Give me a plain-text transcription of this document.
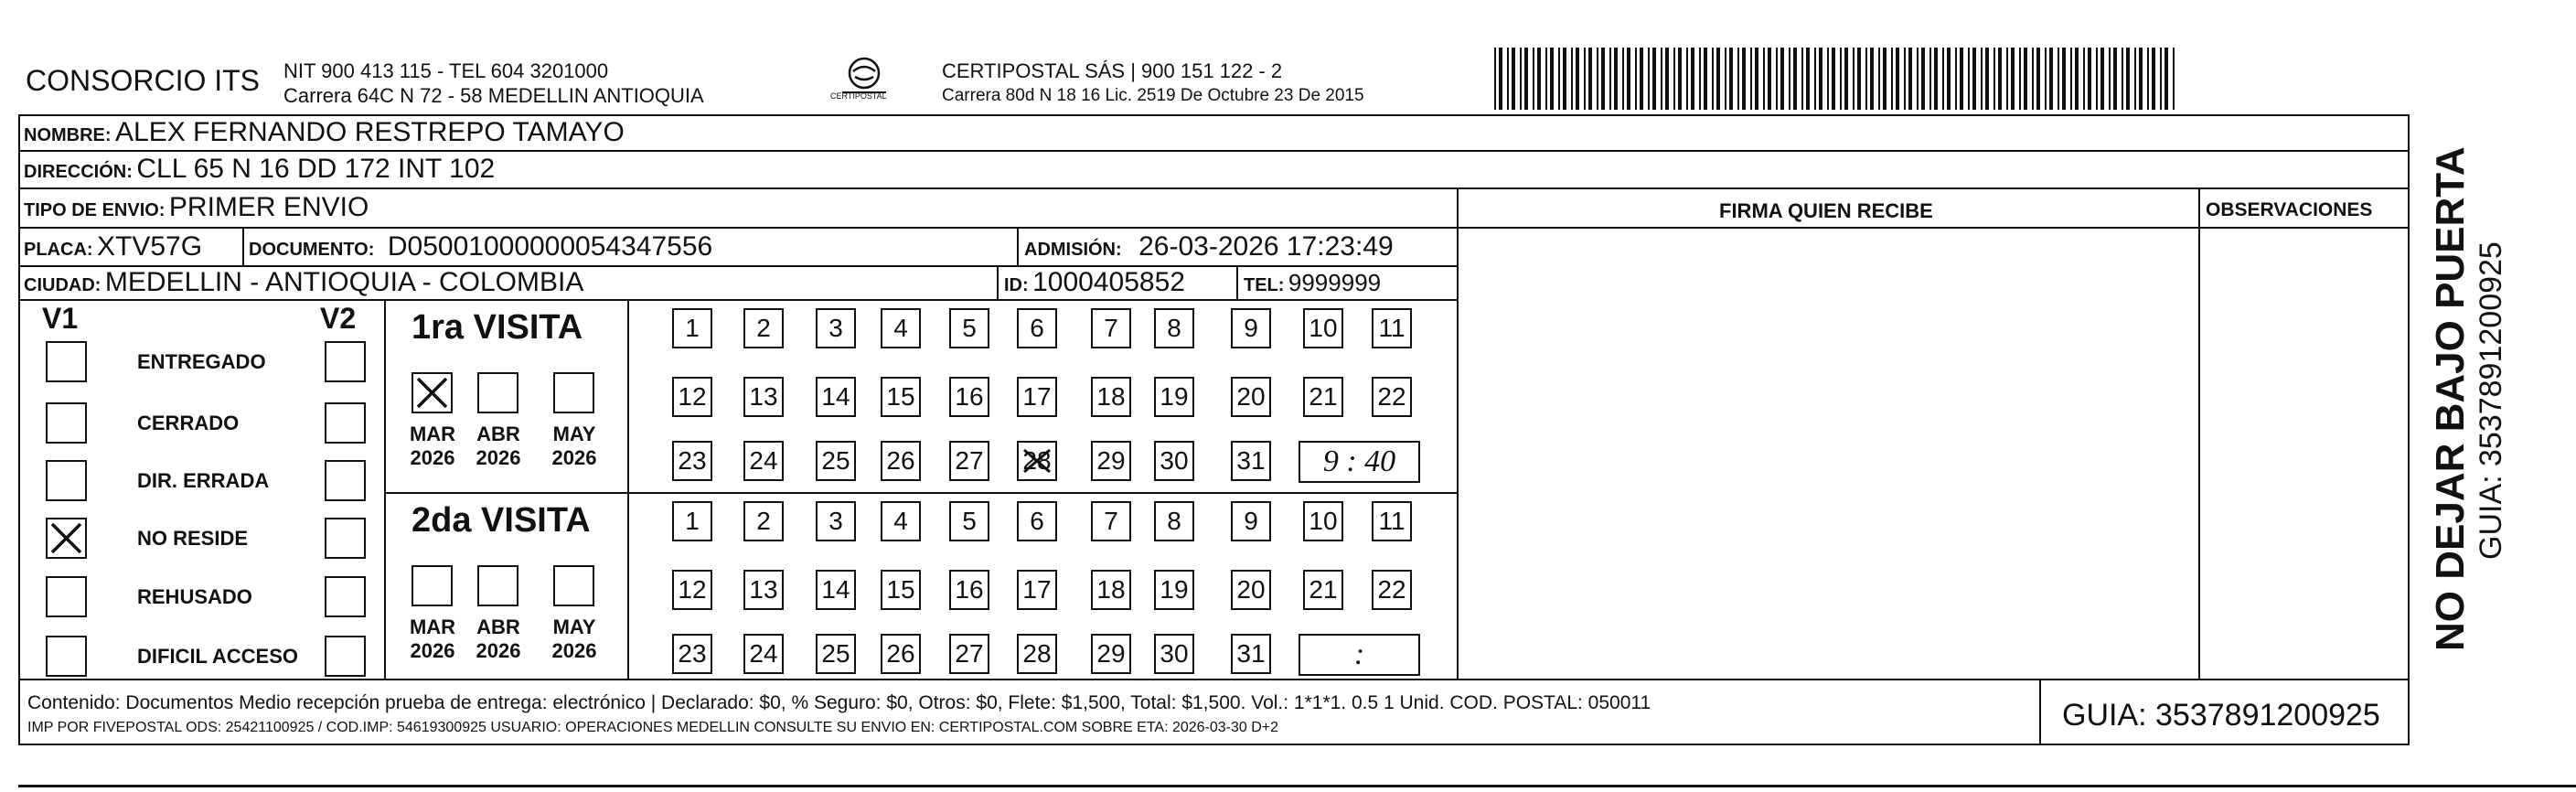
CONSORCIO ITS NIT 900 413 115 - TEL 604 3201000
Carrera 64C N 72 - 58 MEDELLIN ANTIOQUIA	CERTIPOSTAL
CERTIPOSTAL SÁS | 900 151 122 - 2
Carrera 80d N 18 16 Lic. 2519 De Octubre 23 De 2015
NOMBRE: ALEX FERNANDO RESTREPO TAMAYO
DIRECCIÓN: CLL 65 N 16 DD 172 INT 102
TIPO DE ENVIO: PRIMER ENVIO	FIRMA QUIEN RECIBE	OBSERVACIONES
PLACA: XTV57G	DOCUMENTO: D05001000000054347556	ADMISIÓN: 26-03-2026 17:23:49
CIUDAD: MEDELLIN - ANTIOQUIA - COLOMBIA	ID: 1000405852	TEL: 9999999
V1	V2
ENTREGADO
CERRADO
DIR. ERRADA
NO RESIDE
REHUSADO
DIFICIL ACCESO
1ra VISITA
MAR
2026
ABR
2026
MAY
2026
1	2	3	4	5	6	7	8	9	10 11
12 13 14 15 16 17 18 19 20 21 22
23 24 25 26 27 28 29 30 31	9 : 40
2da VISITA
MAR
2026
ABR
2026
MAY
2026
1	2	3	4	5	6	7	8	9	10 11
12 13 14 15 16 17 18 19 20 21 22
23 24 25 26 27 28 29 30 31	:
Contenido: Documentos Medio recepción prueba de entrega: electrónico | Declarado: $0, % Seguro: $0, Otros: $0, Flete: $1,500, Total: $1,500. Vol.: 1*1*1. 0.5 1 Unid. COD. POSTAL: 050011
IMP POR FIVEPOSTAL ODS: 25421100925 / COD.IMP: 54619300925 USUARIO: OPERACIONES MEDELLIN CONSULTE SU ENVIO EN: CERTIPOSTAL.COM SOBRE ETA: 2026-03-30 D+2	GUIA: 3537891200925
NO DEJAR BAJO PUERTA GUIA: 3537891200925
